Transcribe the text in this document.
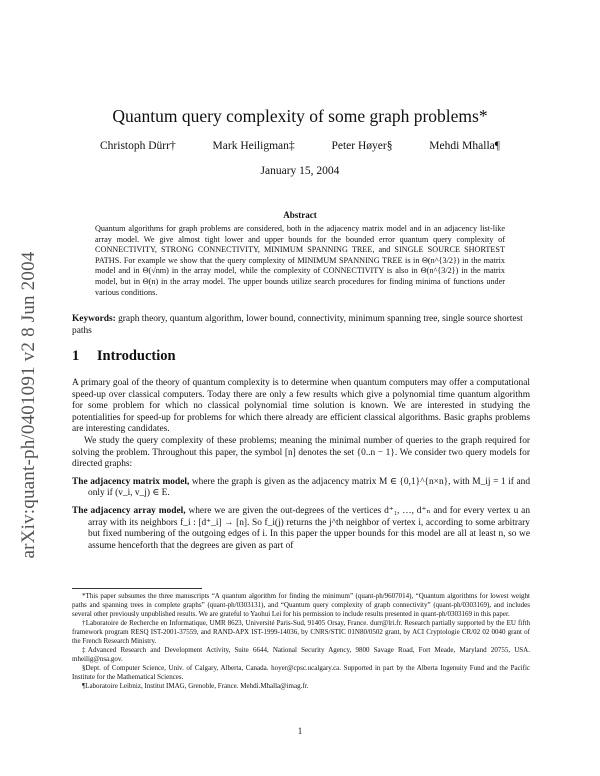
arXiv:quant-ph/0401091 v2 8 Jun 2004
Quantum query complexity of some graph problems*
Christoph Dürr†	Mark Heiligman‡	Peter Høyer§	Mehdi Mhalla¶
January 15, 2004
Abstract
Quantum algorithms for graph problems are considered, both in the adjacency matrix model and in an adjacency list-like array model. We give almost tight lower and upper bounds for the bounded error quantum query complexity of CONNECTIVITY, STRONG CONNECTIVITY, MINIMUM SPANNING TREE, and SINGLE SOURCE SHORTEST PATHS. For example we show that the query complexity of MINIMUM SPANNING TREE is in Θ(n^{3/2}) in the matrix model and in Θ(√nm) in the array model, while the complexity of CONNECTIVITY is also in Θ(n^{3/2}) in the matrix model, but in Θ(n) in the array model. The upper bounds utilize search procedures for finding minima of functions under various conditions.
Keywords: graph theory, quantum algorithm, lower bound, connectivity, minimum spanning tree, single source shortest paths
1 Introduction

A primary goal of the theory of quantum complexity is to determine when quantum computers may offer a computational speed-up over classical computers. Today there are only a few results which give a polynomial time quantum algorithm for some problem for which no classical polynomial time solution is known. We are interested in studying the potentialities for speed-up for problems for which there already are efficient classical algorithms. Basic graphs problems are interesting candidates.

We study the query complexity of these problems; meaning the minimal number of queries to the graph required for solving the problem. Throughout this paper, the symbol [n] denotes the set {0..n − 1}. We consider two query models for directed graphs:

The adjacency matrix model, where the graph is given as the adjacency matrix M ∈ {0,1}^{n×n}, with M_ij = 1 if and only if (v_i, v_j) ∈ E.
The adjacency array model, where we are given the out-degrees of the vertices d⁺₁, …, d⁺ₙ and for every vertex u an array with its neighbors f_i : [d⁺_i] → [n]. So f_i(j) returns the j^th neighbor of vertex i, according to some arbitrary but fixed numbering of the outgoing edges of i. In this paper the upper bounds for this model are all at least n, so we assume henceforth that the degrees are given as part of

*This paper subsumes the three manuscripts “A quantum algorithm for finding the minimum” (quant-ph/9607014), “Quantum algorithms for lowest weight paths and spanning trees in complete graphs” (quant-ph/0303131), and “Quantum query complexity of graph connectivity” (quant-ph/0303169), and includes several other previously unpublished results. We are grateful to Yaohui Lei for his permission to include results presented in quant-ph/0303169 in this paper.

†Laboratoire de Recherche en Informatique, UMR 8623, Université Paris-Sud, 91405 Orsay, France. durr@lri.fr. Research partially supported by the EU fifth framework program RESQ IST-2001-37559, and RAND-APX IST-1999-14036, by CNRS/STIC 01N80/0502 grant, by ACI Cryptologie CR/02 02 0040 grant of the French Research Ministry.

‡Advanced Research and Development Activity, Suite 6644, National Security Agency, 9800 Savage Road, Fort Meade, Maryland 20755, USA. mheilig@nsa.gov.

§Dept. of Computer Science, Univ. of Calgary, Alberta, Canada. hoyer@cpsc.ucalgary.ca. Supported in part by the Alberta Ingenuity Fund and the Pacific Institute for the Mathematical Sciences.

¶Laboratoire Leibniz, Institut IMAG, Grenoble, France. Mehdi.Mhalla@imag.fr.

1
